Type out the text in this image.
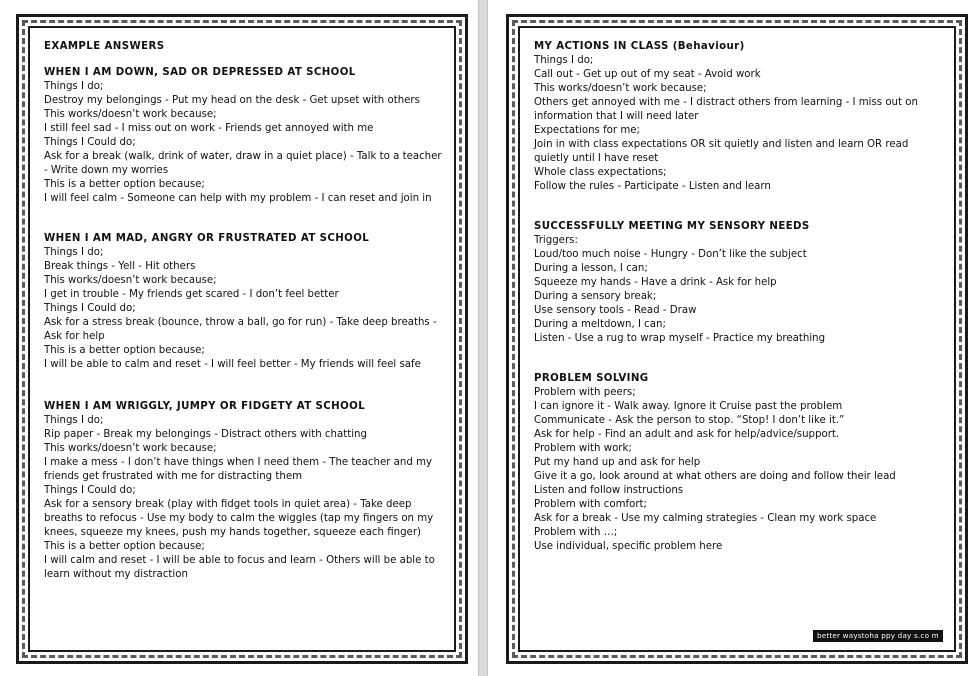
EXAMPLE ANSWERS
WHEN I AM DOWN, SAD OR DEPRESSED AT SCHOOL
Things I do;
Destroy my belongings - Put my head on the desk - Get upset with others
This works/doesn’t work because;
I still feel sad - I miss out on work - Friends get annoyed with me
Things I Could do;
Ask for a break (walk, drink of water, draw in a quiet place) - Talk to a teacher - Write down my worries
This is a better option because;
I will feel calm - Someone can help with my problem - I can reset and join in
WHEN I AM MAD, ANGRY OR FRUSTRATED AT SCHOOL
Things I do;
Break things - Yell - Hit others
This works/doesn’t work because;
I get in trouble - My friends get scared - I don’t feel better
Things I Could do;
Ask for a stress break (bounce, throw a ball, go for run) - Take deep breaths - Ask for help
This is a better option because;
I will be able to calm and reset - I will feel better - My friends will feel safe
WHEN I AM WRIGGLY, JUMPY OR FIDGETY AT SCHOOL
Things I do;
Rip paper - Break my belongings - Distract others with chatting
This works/doesn’t work because;
I make a mess - I don’t have things when I need them - The teacher and my friends get frustrated with me for distracting them
Things I Could do;
Ask for a sensory break (play with fidget tools in quiet area) - Take deep breaths to refocus - Use my body to calm the wiggles (tap my fingers on my knees, squeeze my knees, push my hands together, squeeze each finger)
This is a better option because;
I will calm and reset - I will be able to focus and learn - Others will be able to learn without my distraction
MY ACTIONS IN CLASS (Behaviour)
Things I do;
Call out - Get up out of my seat - Avoid work
This works/doesn’t work because;
Others get annoyed with me - I distract others from learning - I miss out on information that I will need later
Expectations for me;
Join in with class expectations OR sit quietly and listen and learn OR read quietly until I have reset
Whole class expectations;
Follow the rules - Participate - Listen and learn
SUCCESSFULLY MEETING MY SENSORY NEEDS
Triggers:
Loud/too much noise - Hungry - Don’t like the subject
During a lesson, I can;
Squeeze my hands - Have a drink - Ask for help
During a sensory break;
Use sensory tools - Read - Draw
During a meltdown, I can;
Listen - Use a rug to wrap myself - Practice my breathing
PROBLEM SOLVING
Problem with peers;
I can ignore it - Walk away. Ignore it Cruise past the problem
Communicate - Ask the person to stop. “Stop! I don’t like it.”
Ask for help - Find an adult and ask for help/advice/support.
Problem with work;
Put my hand up and ask for help
Give it a go, look around at what others are doing and follow their lead
Listen and follow instructions
Problem with comfort;
Ask for a break - Use my calming strategies - Clean my work space
Problem with …;
Use individual, specific problem here
better waystoha ppy day s.co m
